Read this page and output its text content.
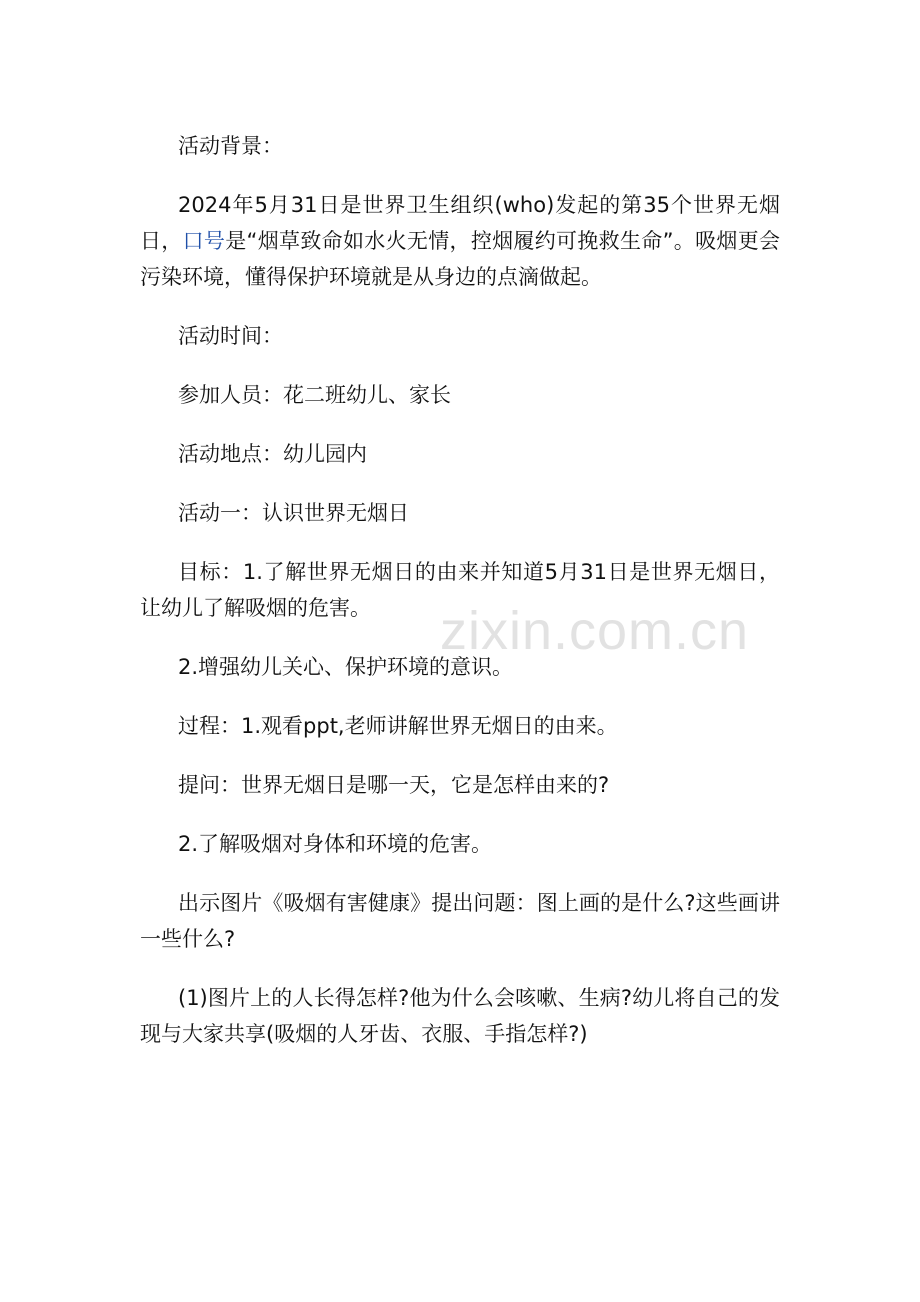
活动背景：

2024年5月31日是世界卫生组织(who)发起的第35个世界无烟日，口号是“烟草致命如水火无情，控烟履约可挽救生命”。吸烟更会污染环境，懂得保护环境就是从身边的点滴做起。

活动时间：

参加人员：花二班幼儿、家长

活动地点：幼儿园内

活动一：认识世界无烟日

目标：1.了解世界无烟日的由来并知道5月31日是世界无烟日，让幼儿了解吸烟的危害。

2.增强幼儿关心、保护环境的意识。

过程：1.观看ppt,老师讲解世界无烟日的由来。

提问：世界无烟日是哪一天，它是怎样由来的?

2.了解吸烟对身体和环境的危害。

出示图片《吸烟有害健康》提出问题：图上画的是什么?这些画讲一些什么?

(1)图片上的人长得怎样?他为什么会咳嗽、生病?幼儿将自己的发现与大家共享(吸烟的人牙齿、衣服、手指怎样?)

zixin.com.cn
